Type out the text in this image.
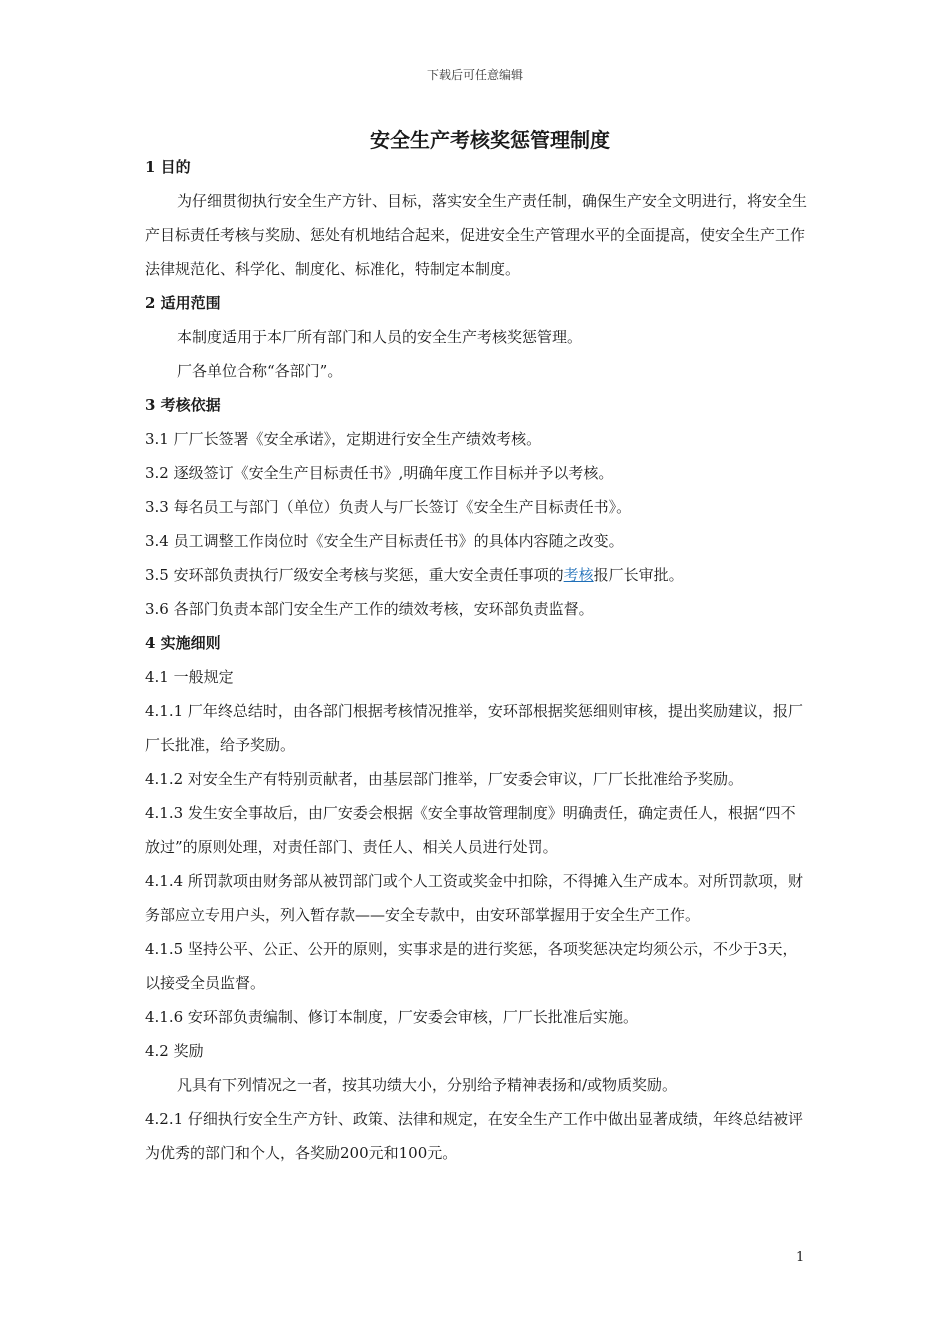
下载后可任意编辑
安全生产考核奖惩管理制度

1 目的

为仔细贯彻执行安全生产方针、目标，落实安全生产责任制，确保生产安全文明进行，将安全生产目标责任考核与奖励、惩处有机地结合起来，促进安全生产管理水平的全面提高，使安全生产工作法律规范化、科学化、制度化、标准化，特制定本制度。

2 适用范围

本制度适用于本厂所有部门和人员的安全生产考核奖惩管理。

厂各单位合称“各部门”。

3 考核依据

3.1 厂厂长签署《安全承诺》，定期进行安全生产绩效考核。

3.2 逐级签订《安全生产目标责任书》,明确年度工作目标并予以考核。

3.3 每名员工与部门（单位）负责人与厂长签订《安全生产目标责任书》。

3.4 员工调整工作岗位时《安全生产目标责任书》的具体内容随之改变。

3.5 安环部负责执行厂级安全考核与奖惩，重大安全责任事项的考核报厂长审批。

3.6 各部门负责本部门安全生产工作的绩效考核，安环部负责监督。

4 实施细则

4.1 一般规定

4.1.1 厂年终总结时，由各部门根据考核情况推举，安环部根据奖惩细则审核，提出奖励建议，报厂厂长批准，给予奖励。

4.1.2 对安全生产有特别贡献者，由基层部门推举，厂安委会审议，厂厂长批准给予奖励。

4.1.3 发生安全事故后，由厂安委会根据《安全事故管理制度》明确责任，确定责任人，根据“四不放过”的原则处理，对责任部门、责任人、相关人员进行处罚。

4.1.4 所罚款项由财务部从被罚部门或个人工资或奖金中扣除，不得摊入生产成本。对所罚款项，财务部应立专用户头，列入暂存款——安全专款中，由安环部掌握用于安全生产工作。

4.1.5 坚持公平、公正、公开的原则，实事求是的进行奖惩，各项奖惩决定均须公示，不少于3天，以接受全员监督。

4.1.6 安环部负责编制、修订本制度，厂安委会审核，厂厂长批准后实施。

4.2 奖励

凡具有下列情况之一者，按其功绩大小，分别给予精神表扬和/或物质奖励。

4.2.1 仔细执行安全生产方针、政策、法律和规定，在安全生产工作中做出显著成绩，年终总结被评为优秀的部门和个人，各奖励200元和100元。

1
